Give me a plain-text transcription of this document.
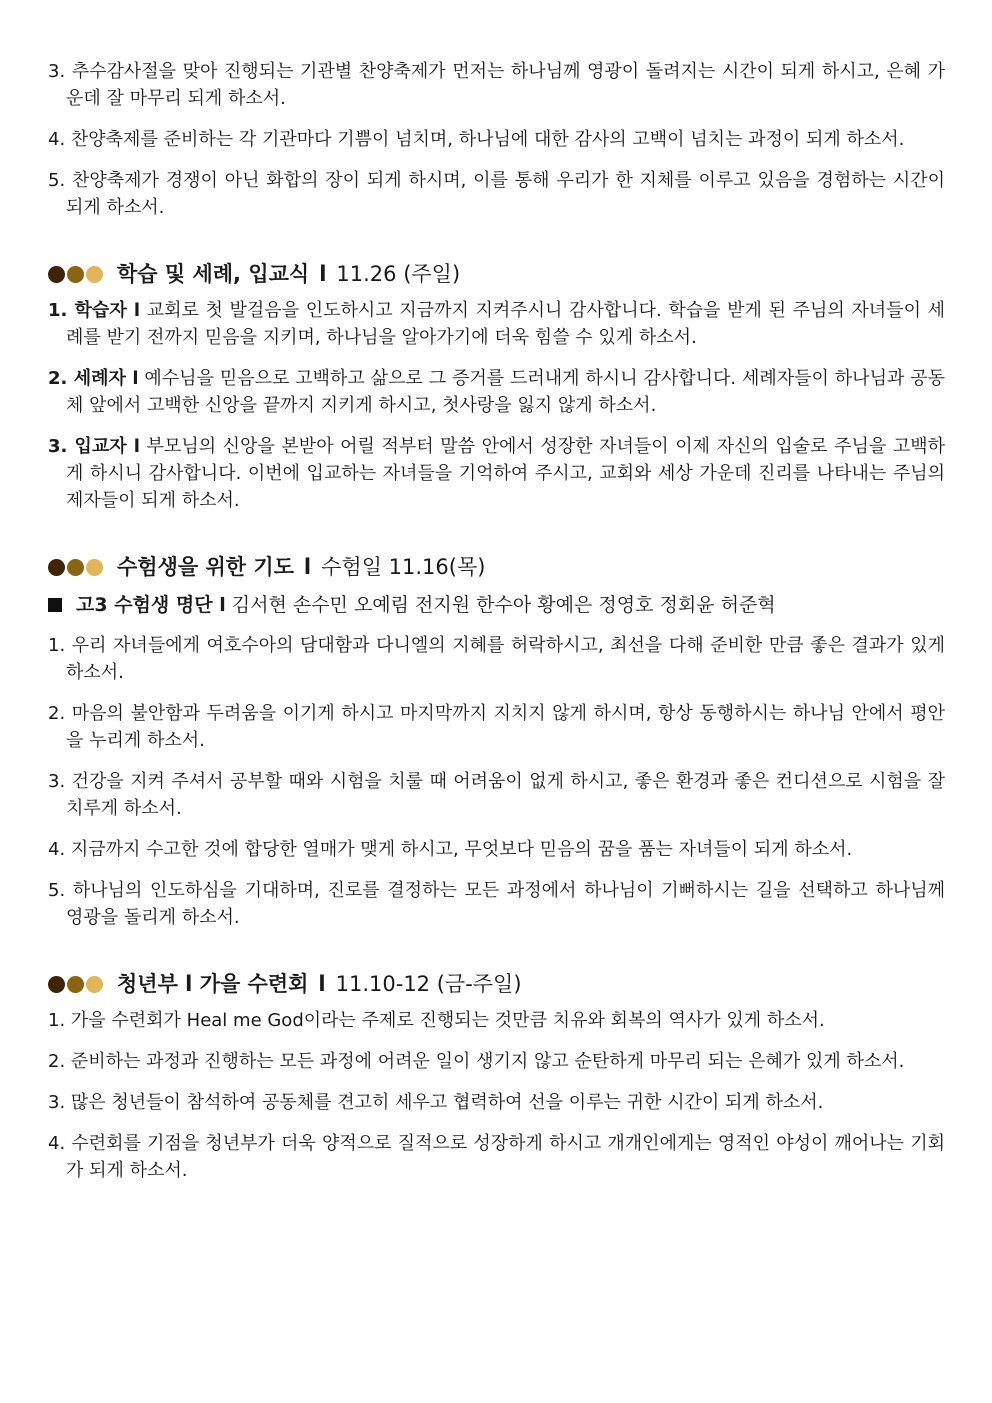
3. 추수감사절을 맞아 진행되는 기관별 찬양축제가 먼저는 하나님께 영광이 돌려지는 시간이 되게 하시고, 은혜 가운데 잘 마무리 되게 하소서.

4. 찬양축제를 준비하는 각 기관마다 기쁨이 넘치며, 하나님에 대한 감사의 고백이 넘치는 과정이 되게 하소서.

5. 찬양축제가 경쟁이 아닌 화합의 장이 되게 하시며, 이를 통해 우리가 한 지체를 이루고 있음을 경험하는 시간이 되게 하소서.

학습 및 세례, 입교식 l 11.26 (주일)

1. 학습자 l 교회로 첫 발걸음을 인도하시고 지금까지 지켜주시니 감사합니다. 학습을 받게 된 주님의 자녀들이 세례를 받기 전까지 믿음을 지키며, 하나님을 알아가기에 더욱 힘쓸 수 있게 하소서.

2. 세례자 l 예수님을 믿음으로 고백하고 삶으로 그 증거를 드러내게 하시니 감사합니다. 세례자들이 하나님과 공동체 앞에서 고백한 신앙을 끝까지 지키게 하시고, 첫사랑을 잃지 않게 하소서.

3. 입교자 l 부모님의 신앙을 본받아 어릴 적부터 말씀 안에서 성장한 자녀들이 이제 자신의 입술로 주님을 고백하게 하시니 감사합니다. 이번에 입교하는 자녀들을 기억하여 주시고, 교회와 세상 가운데 진리를 나타내는 주님의 제자들이 되게 하소서.

수험생을 위한 기도 l 수험일 11.16(목)
고3 수험생 명단 l
김서현 손수민 오예림 전지원 한수아 황예은 정영호 정회윤 허준혁

1. 우리 자녀들에게 여호수아의 담대함과 다니엘의 지혜를 허락하시고, 최선을 다해 준비한 만큼 좋은 결과가 있게 하소서.

2. 마음의 불안함과 두려움을 이기게 하시고 마지막까지 지치지 않게 하시며, 항상 동행하시는 하나님 안에서 평안을 누리게 하소서.

3. 건강을 지켜 주셔서 공부할 때와 시험을 치룰 때 어려움이 없게 하시고, 좋은 환경과 좋은 컨디션으로 시험을 잘 치루게 하소서.

4. 지금까지 수고한 것에 합당한 열매가 맺게 하시고, 무엇보다 믿음의 꿈을 품는 자녀들이 되게 하소서.

5. 하나님의 인도하심을 기대하며, 진로를 결정하는 모든 과정에서 하나님이 기뻐하시는 길을 선택하고 하나님께 영광을 돌리게 하소서.

청년부 l 가을 수련회 l 11.10-12 (금-주일)

1. 가을 수련회가 Heal me God이라는 주제로 진행되는 것만큼 치유와 회복의 역사가 있게 하소서.

2. 준비하는 과정과 진행하는 모든 과정에 어려운 일이 생기지 않고 순탄하게 마무리 되는 은혜가 있게 하소서.

3. 많은 청년들이 참석하여 공동체를 견고히 세우고 협력하여 선을 이루는 귀한 시간이 되게 하소서.

4. 수련회를 기점을 청년부가 더욱 양적으로 질적으로 성장하게 하시고 개개인에게는 영적인 야성이 깨어나는 기회가 되게 하소서.
